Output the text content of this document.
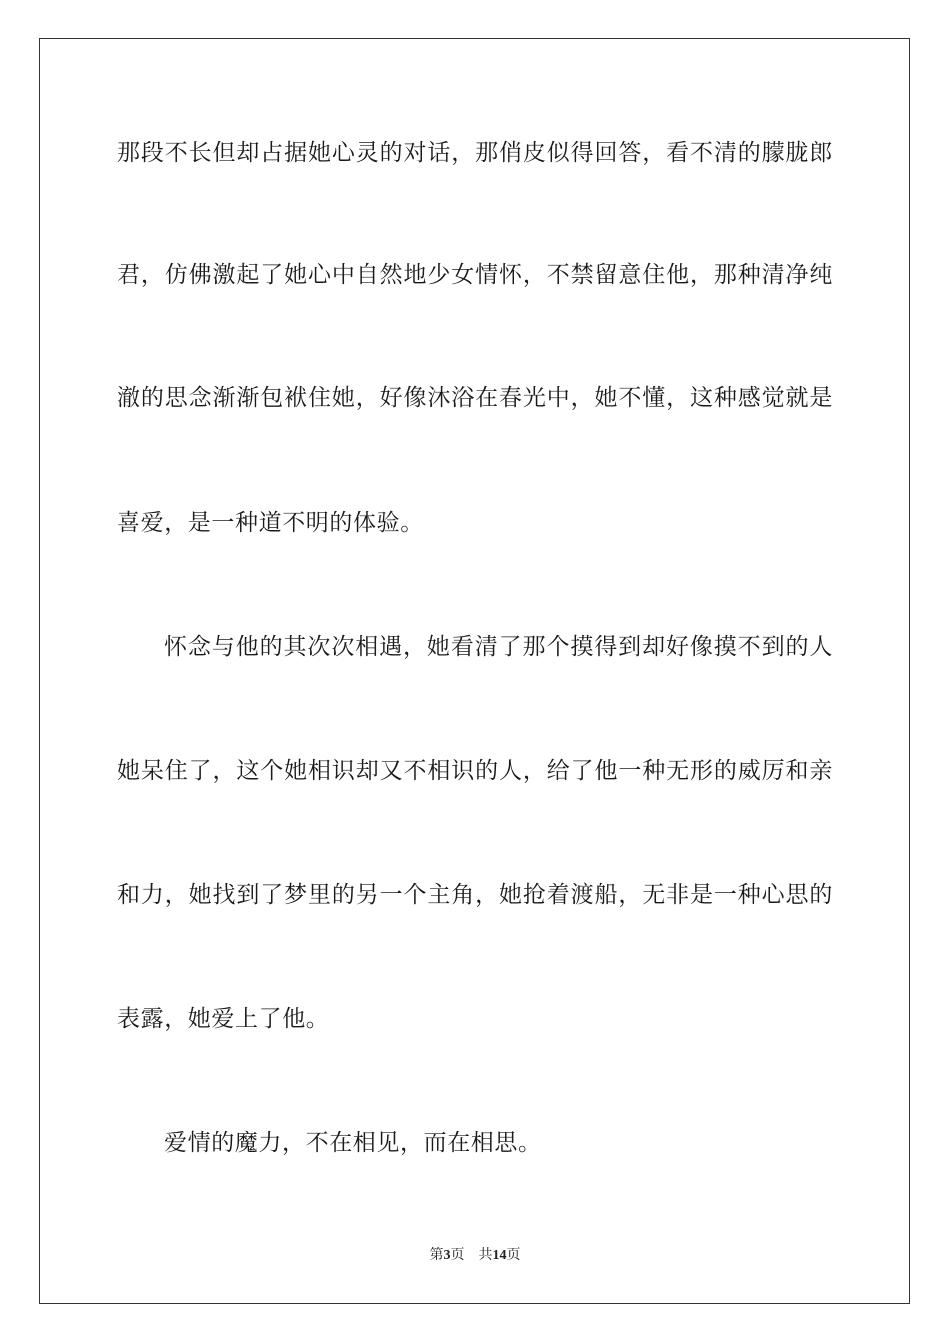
那段不长但却占据她心灵的对话，那俏皮似得回答，看不清的朦胧郎
君，仿佛激起了她心中自然地少女情怀，不禁留意住他，那种清净纯
澈的思念渐渐包袱住她，好像沐浴在春光中，她不懂，这种感觉就是
喜爱，是一种道不明的体验。
怀念与他的其次次相遇，她看清了那个摸得到却好像摸不到的人
她呆住了，这个她相识却又不相识的人，给了他一种无形的威厉和亲
和力，她找到了梦里的另一个主角，她抢着渡船，无非是一种心思的
表露，她爱上了他。
爱情的魔力，不在相见，而在相思。
第3页 共14页
